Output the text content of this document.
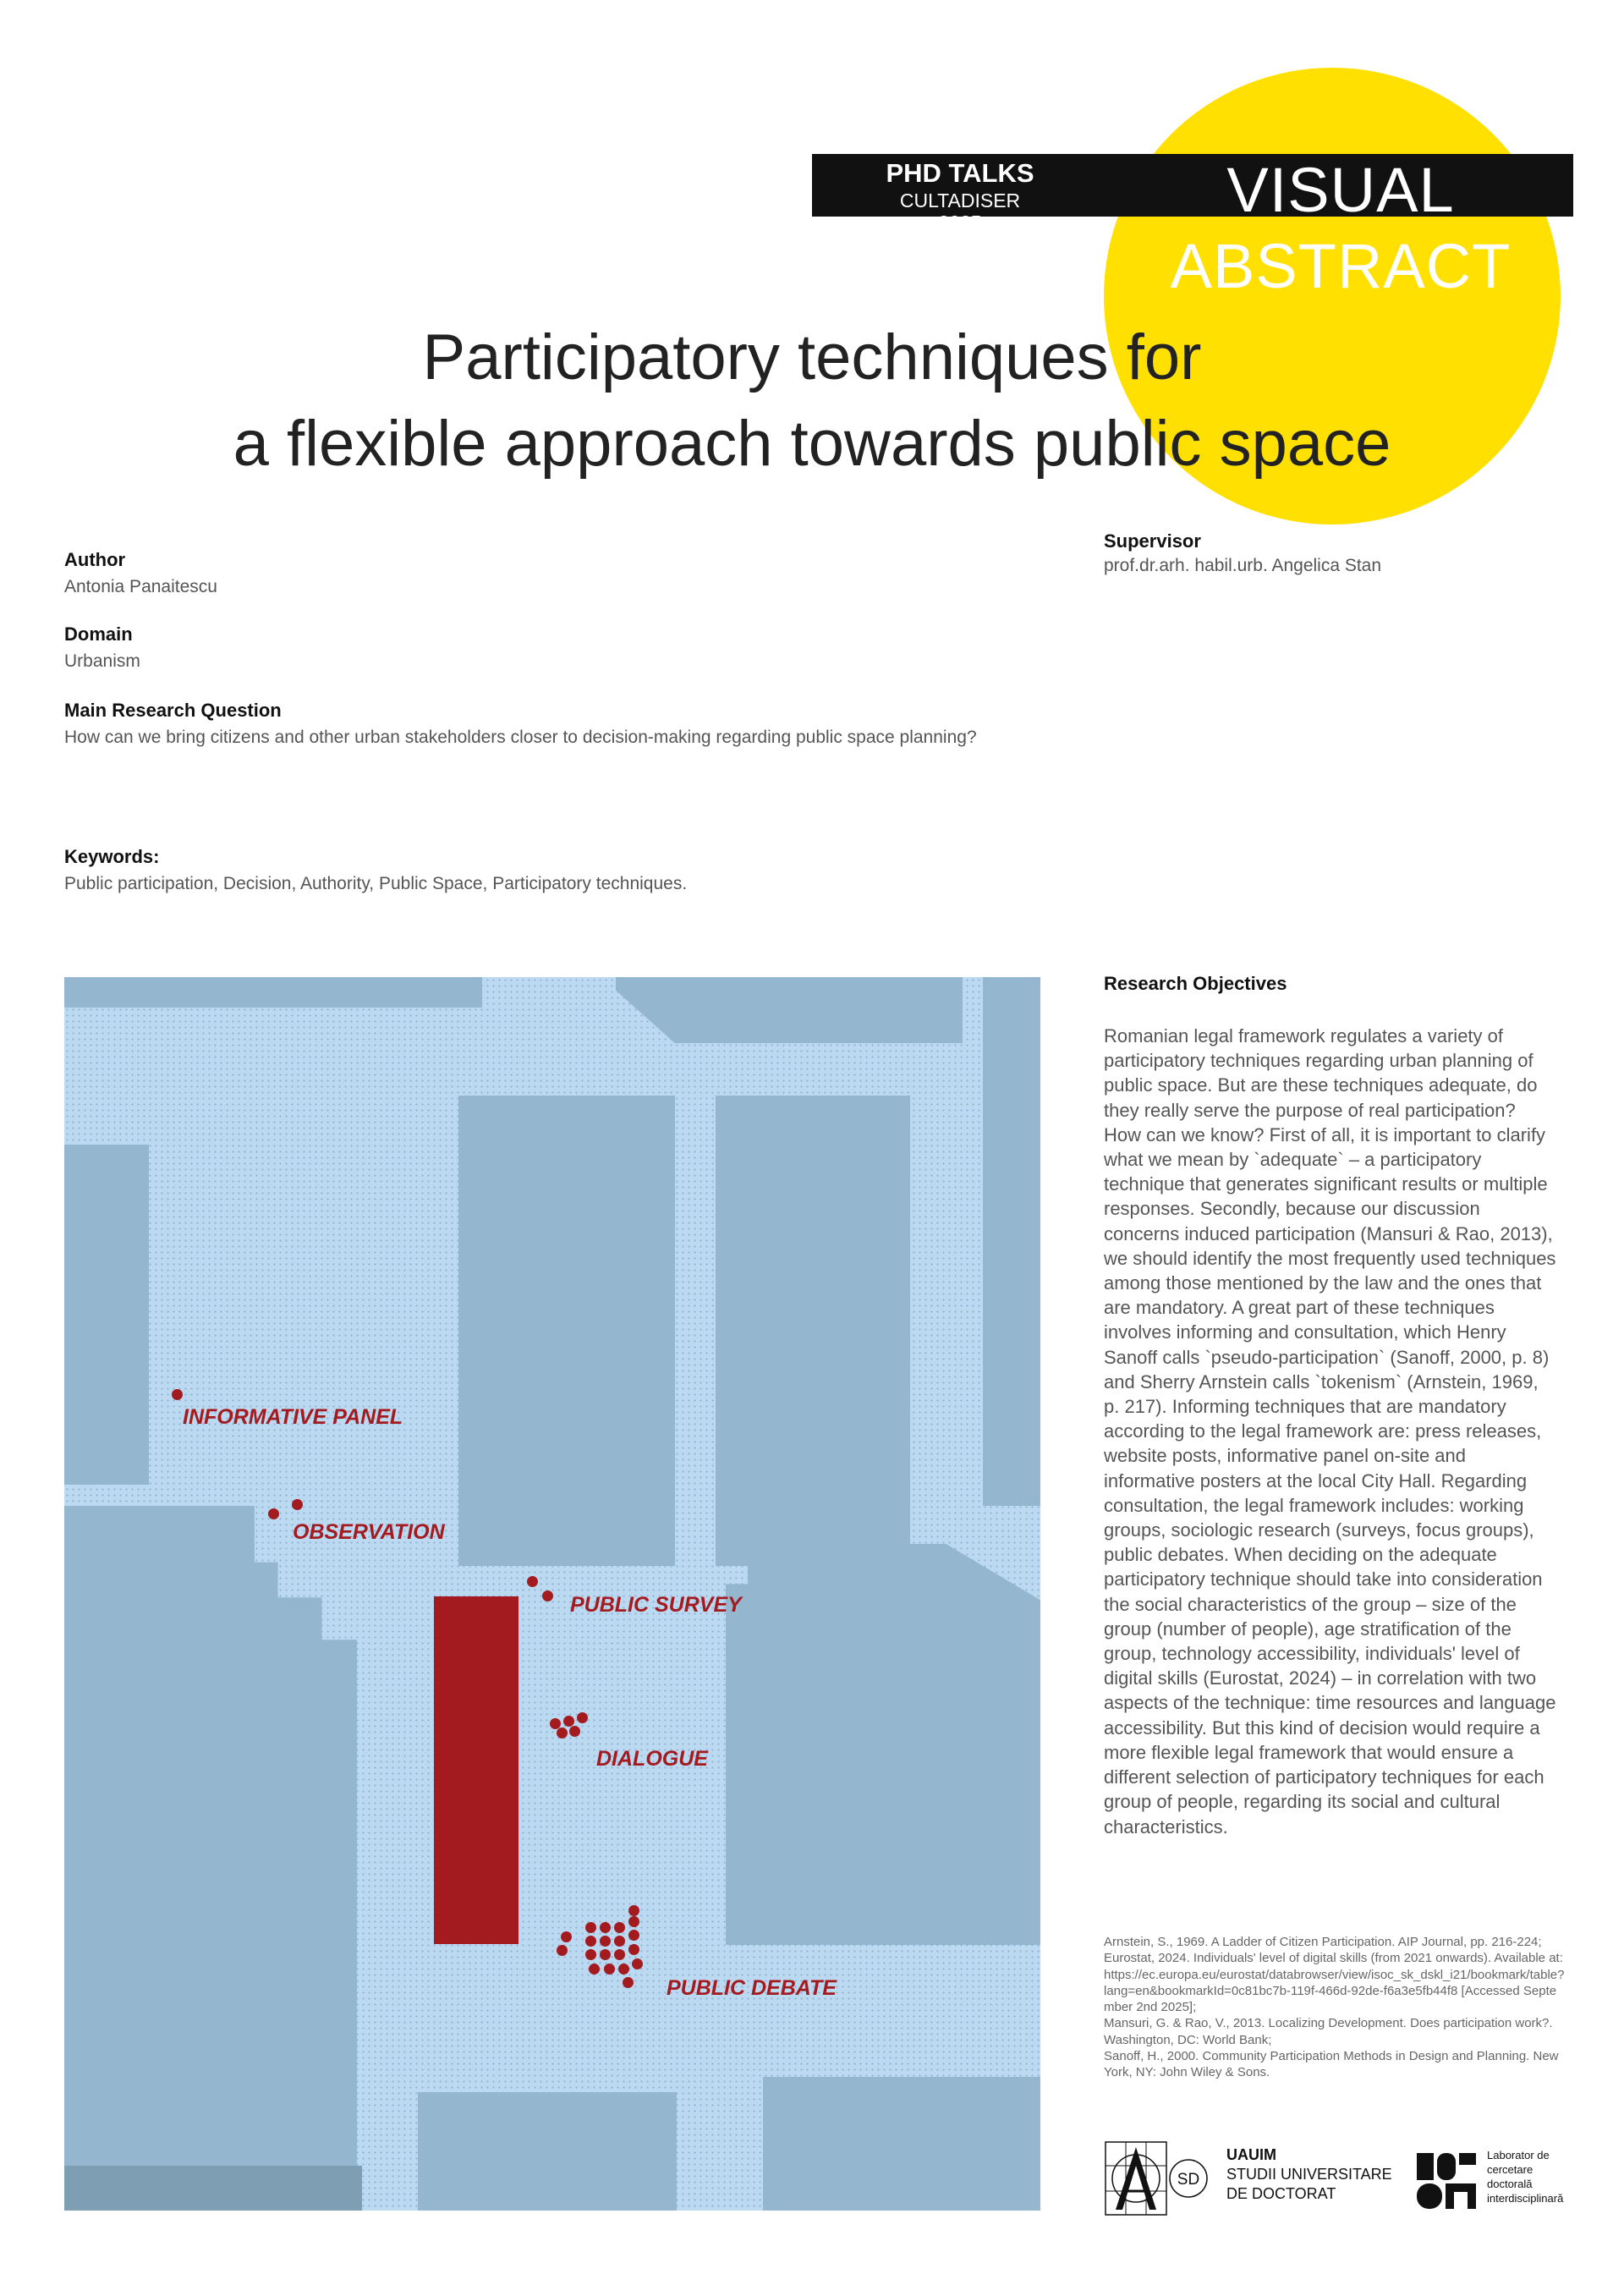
PHD TALKS
CULTADISER 2025	VISUAL ABSTRACT
Participatory techniques for
a flexible approach towards public space
Author
Antonia Panaitescu
Domain
Urbanism
Main Research Question
How can we bring citizens and other urban stakeholders closer to decision-making regarding public space planning?
Supervisor
prof.dr.arh. habil.urb. Angelica Stan
Keywords:
Public participation, Decision, Authority, Public Space, Participatory techniques.
INFORMATIVE PANEL
OBSERVATION
PUBLIC SURVEY
DIALOGUE
PUBLIC DEBATE
Research Objectives
Romanian legal framework regulates a variety of participatory techniques regarding urban planning of public space. But are these techniques adequate, do they really serve the purpose of real participation? How can we know? First of all, it is important to clarify what we mean by `adequate` – a participatory technique that generates significant results or multiple responses. Secondly, because our discussion concerns induced participation (Mansuri & Rao, 2013), we should identify the most frequently used techniques among those mentioned by the law and the ones that are mandatory. A great part of these techniques involves informing and consultation, which Henry Sanoff calls `pseudo-participation` (Sanoff, 2000, p. 8) and Sherry Arnstein calls `tokenism` (Arnstein, 1969, p. 217). Informing techniques that are mandatory according to the legal framework are: press releases, website posts, informative panel on-site and informative posters at the local City Hall. Regarding consultation, the legal framework includes: working groups, sociologic research (surveys, focus groups), public debates. When deciding on the adequate participatory technique should take into consideration the social characteristics of the group – size of the group (number of people), age stratification of the group, technology accessibility, individuals' level of digital skills (Eurostat, 2024) – in correlation with two aspects of the technique: time resources and language accessibility. But this kind of decision would require a more flexible legal framework that would ensure a different selection of participatory techniques for each group of people, regarding its social and cultural characteristics.
Arnstein, S., 1969. A Ladder of Citizen Participation. AIP Journal, pp. 216-224;
Eurostat, 2024. Individuals' level of digital skills (from 2021 onwards). Available at: https://ec.europa.eu/eurostat/databrowser/view/isoc_sk_dskl_i21/bookmark/table?lang=en&bookmarkId=0c81bc7b-119f-466d-92de-f6a3e5fb44f8 [Accessed September 2nd 2025];
Mansuri, G. & Rao, V., 2013. Localizing Development. Does participation work?. Washington, DC: World Bank;
Sanoff, H., 2000. Community Participation Methods in Design and Planning. New York, NY: John Wiley & Sons.
SD
UAUIM
STUDII UNIVERSITARE
DE DOCTORAT
Laborator de
cercetare
doctorală
interdisciplinară
